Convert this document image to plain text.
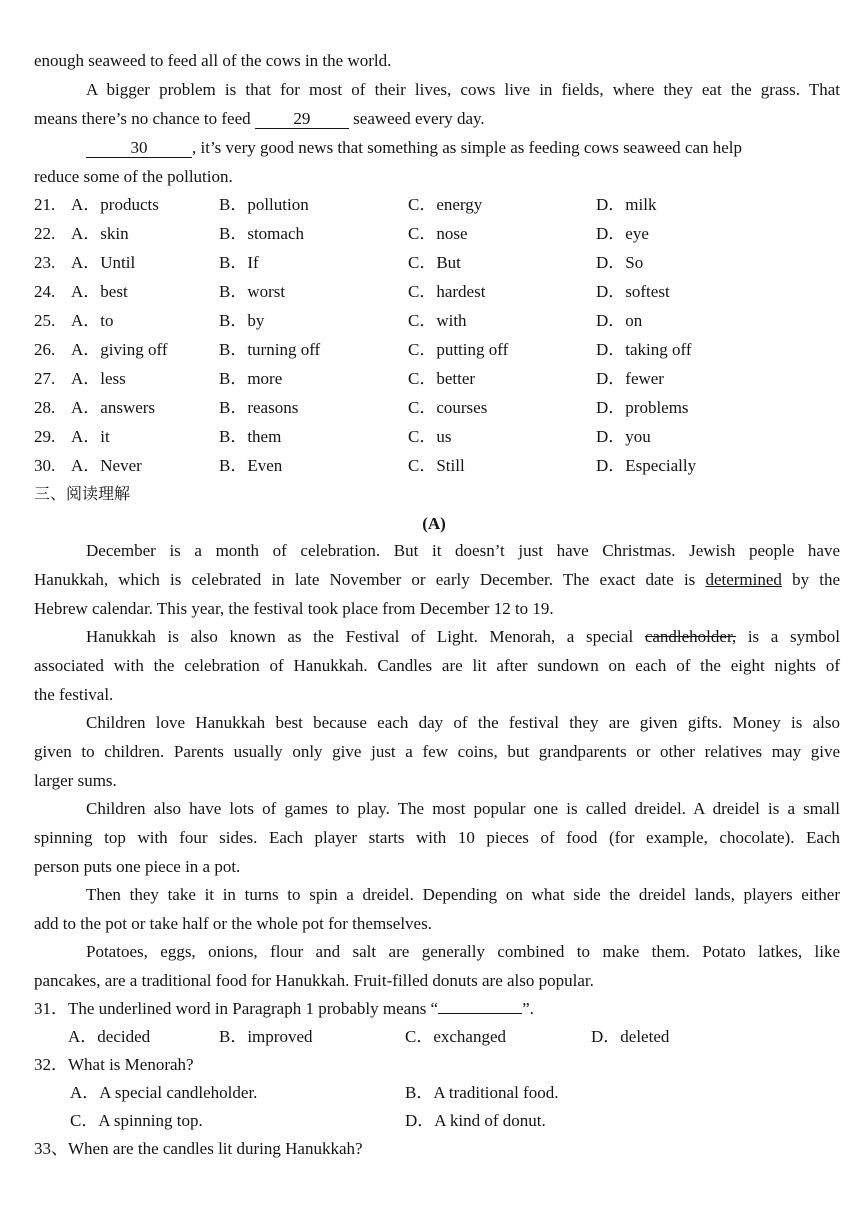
enough seaweed to feed all of the cows in the world.
A bigger problem is that for most of their lives, cows live in fields, where they eat the grass. That
means there’s no chance to feed	29	seaweed every day.
30	, it’s very good news that something as simple as feeding cows seaweed can help
reduce some of the pollution.
21. A．products	B．pollution	C．energy	D．milk
22. A．skin	B．stomach	C．nose	D．eye
23. A．Until	B．If	C．But	D．So
24. A．best	B．worst	C．hardest	D．softest
25. A．to	B．by	C．with	D．on
26. A．giving off	B．turning off	C．putting off	D．taking off
27. A．less	B．more	C．better	D．fewer
28. A．answers	B．reasons	C．courses	D．problems
29. A．it	B．them	C．us	D．you
30. A．Never	B．Even	C．Still	D．Especially
三、阅读理解
(A)
December is a month of celebration. But it doesn’t just have Christmas. Jewish people have
Hanukkah, which is celebrated in late November or early December. The exact date is determined by the
Hebrew calendar. This year, the festival took place from December 12 to 19.
Hanukkah is also known as the Festival of Light. Menorah, a special candleholder, is a symbol
associated with the celebration of Hanukkah. Candles are lit after sundown on each of the eight nights of
the festival.
Children love Hanukkah best because each day of the festival they are given gifts. Money is also
given to children. Parents usually only give just a few coins, but grandparents or other relatives may give
larger sums.
Children also have lots of games to play. The most popular one is called dreidel. A dreidel is a small
spinning top with four sides. Each player starts with 10 pieces of food (for example, chocolate). Each
person puts one piece in a pot.
Then they take it in turns to spin a dreidel. Depending on what side the dreidel lands, players either
add to the pot or take half or the whole pot for themselves.
Potatoes, eggs, onions, flour and salt are generally combined to make them. Potato latkes, like
pancakes, are a traditional food for Hanukkah. Fruit-filled donuts are also popular.
31．The underlined word in Paragraph 1 probably means “	”.
A．decided	B．improved	C．exchanged	D．deleted
32．What is Menorah?
A．A special candleholder.	B．A traditional food.
C．A spinning top.	D．A kind of donut.
33、When are the candles lit during Hanukkah?
